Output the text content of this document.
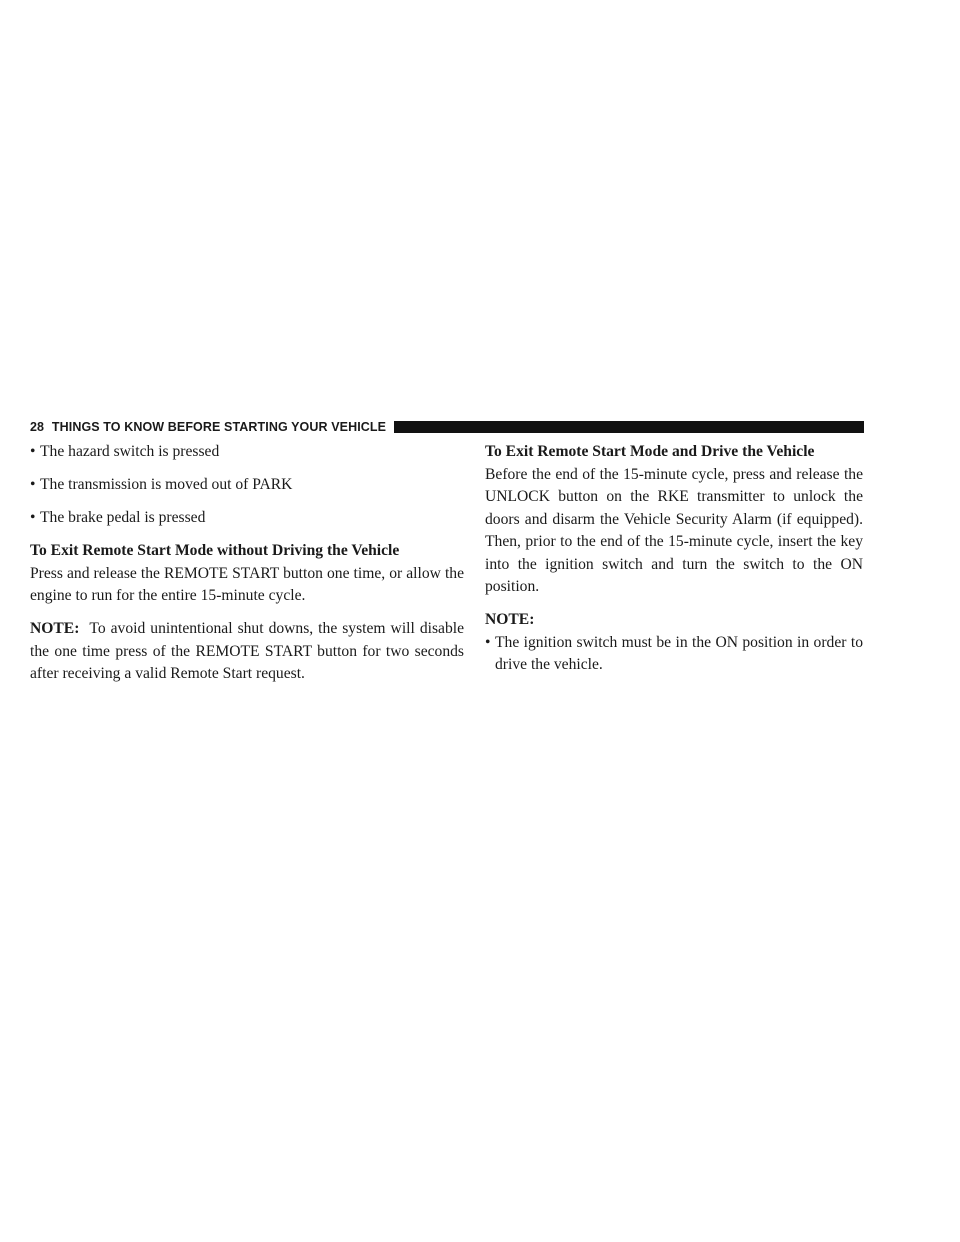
28 THINGS TO KNOW BEFORE STARTING YOUR VEHICLE
• The hazard switch is pressed
• The transmission is moved out of PARK
• The brake pedal is pressed
To Exit Remote Start Mode without Driving the Vehicle

Press and release the REMOTE START button one time, or allow the engine to run for the entire 15-minute cycle.

NOTE: To avoid unintentional shut downs, the system will disable the one time press of the REMOTE START button for two seconds after receiving a valid Remote Start request.

To Exit Remote Start Mode and Drive the Vehicle

Before the end of the 15-minute cycle, press and release the UNLOCK button on the RKE transmitter to unlock the doors and disarm the Vehicle Security Alarm (if equipped). Then, prior to the end of the 15-minute cycle, insert the key into the ignition switch and turn the switch to the ON position.

NOTE:
• The ignition switch must be in the ON position in order to drive the vehicle.
